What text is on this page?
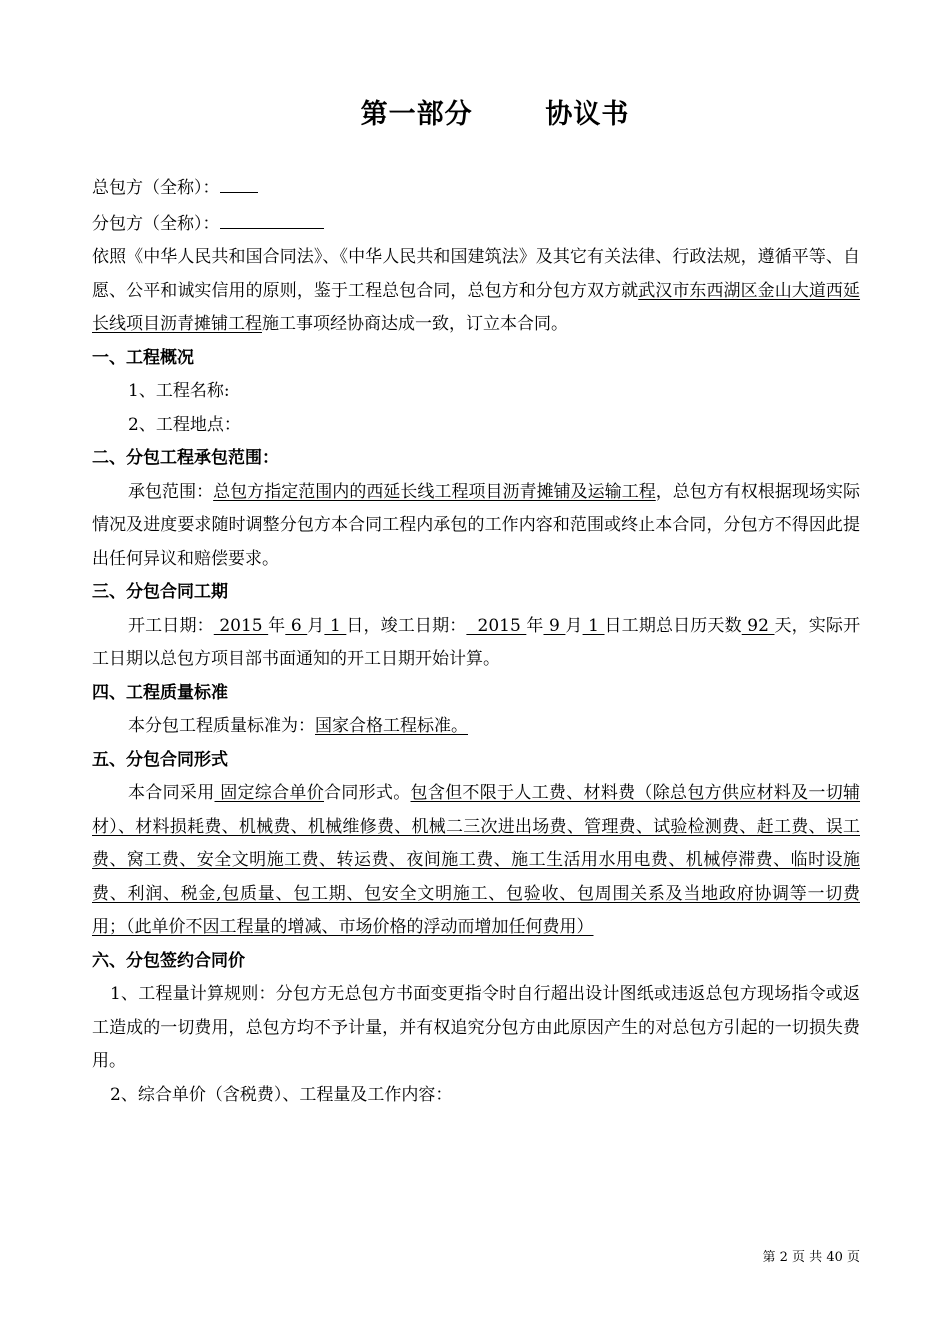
第一部分       协议书

总包方（全称）：

分包方（全称）：

依照《中华人民共和国合同法》、《中华人民共和国建筑法》及其它有关法律、行政法规，遵循平等、自愿、公平和诚实信用的原则，鉴于工程总包合同，总包方和分包方双方就武汉市东西湖区金山大道西延长线项目沥青摊铺工程施工事项经协商达成一致，订立本合同。

一、工程概况

1、工程名称:

2、工程地点：

二、分包工程承包范围：

承包范围：总包方指定范围内的西延长线工程项目沥青摊铺及运输工程，总包方有权根据现场实际情况及进度要求随时调整分包方本合同工程内承包的工作内容和范围或终止本合同，分包方不得因此提出任何异议和赔偿要求。

三、分包合同工期

开工日期： 2015 年 6 月 1 日，竣工日期：  2015 年 9 月 1 日工期总日历天数 92 天，实际开工日期以总包方项目部书面通知的开工日期开始计算。

四、工程质量标准

本分包工程质量标准为：国家合格工程标准。

五、分包合同形式

本合同采用 固定综合单价合同形式。包含但不限于人工费、材料费（除总包方供应材料及一切辅材）、材料损耗费、机械费、机械维修费、机械二三次进出场费、管理费、试验检测费、赶工费、误工费、窝工费、安全文明施工费、转运费、夜间施工费、施工生活用水用电费、机械停滞费、临时设施费、利润、税金,包质量、包工期、包安全文明施工、包验收、包周围关系及当地政府协调等一切费用；（此单价不因工程量的增减、市场价格的浮动而增加任何费用）

六、分包签约合同价

1、工程量计算规则：分包方无总包方书面变更指令时自行超出设计图纸或违返总包方现场指令或返工造成的一切费用，总包方均不予计量，并有权追究分包方由此原因产生的对总包方引起的一切损失费用。

2、综合单价（含税费）、工程量及工作内容：

第 2 页 共 40 页
